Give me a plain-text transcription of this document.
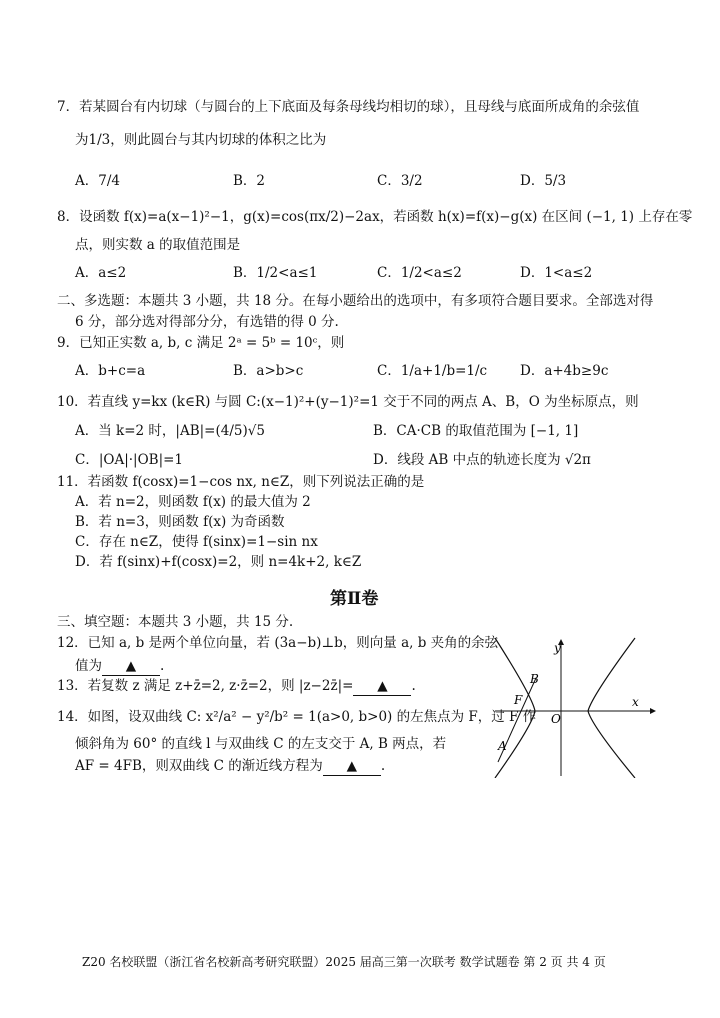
7．若某圆台有内切球（与圆台的上下底面及每条母线均相切的球），且母线与底面所成角的余弦值
为1/3，则此圆台与其内切球的体积之比为
A．7/4	B．2	C．3/2	D．5/3
8．设函数 f(x)=a(x−1)²−1，g(x)=cos(πx/2)−2ax，若函数 h(x)=f(x)−g(x) 在区间 (−1, 1) 上存在零
点，则实数 a 的取值范围是
A．a≤2	B．1/2<a≤1	C．1/2<a≤2	D．1<a≤2
二、多选题：本题共 3 小题，共 18 分。在每小题给出的选项中，有多项符合题目要求。全部选对得
6 分，部分选对得部分分，有选错的得 0 分.
9．已知正实数 a, b, c 满足 2ᵃ = 5ᵇ = 10ᶜ，则
A．b+c=a	B．a>b>c	C．1/a+1/b=1/c D．a+4b≥9c
10．若直线 y=kx (k∈R) 与圆 C:(x−1)²+(y−1)²=1 交于不同的两点 A、B，O 为坐标原点，则
A．当 k=2 时，|AB|=(4/5)√5	B．CA·CB 的取值范围为 [−1, 1]
C．|OA|·|OB|=1	D．线段 AB 中点的轨迹长度为 √2π
11．若函数 f(cosx)=1−cos nx, n∈Z，则下列说法正确的是
A．若 n=2，则函数 f(x) 的最大值为 2
B．若 n=3，则函数 f(x) 为奇函数
C．存在 n∈Z，使得 f(sinx)=1−sin nx
D．若 f(sinx)+f(cosx)=2，则 n=4k+2, k∈Z
第Ⅱ卷
三、填空题：本题共 3 小题，共 15 分.
12．已知 a, b 是两个单位向量，若 (3a−b)⊥b，则向量 a, b 夹角的余弦
值为 ▲ .
13．若复数 z 满足 z+z̄=2, z·z̄=2，则 |z−2z̄|= ▲ .
14．如图，设双曲线 C: x²/a² − y²/b² = 1(a>0, b>0) 的左焦点为 F，过 F 作
倾斜角为 60° 的直线 l 与双曲线 C 的左支交于 A, B 两点，若
AF = 4FB，则双曲线 C 的渐近线方程为 ▲ .
y
x
O
B
F
A
Z20 名校联盟（浙江省名校新高考研究联盟）2025 届高三第一次联考 数学试题卷 第 2 页 共 4 页
